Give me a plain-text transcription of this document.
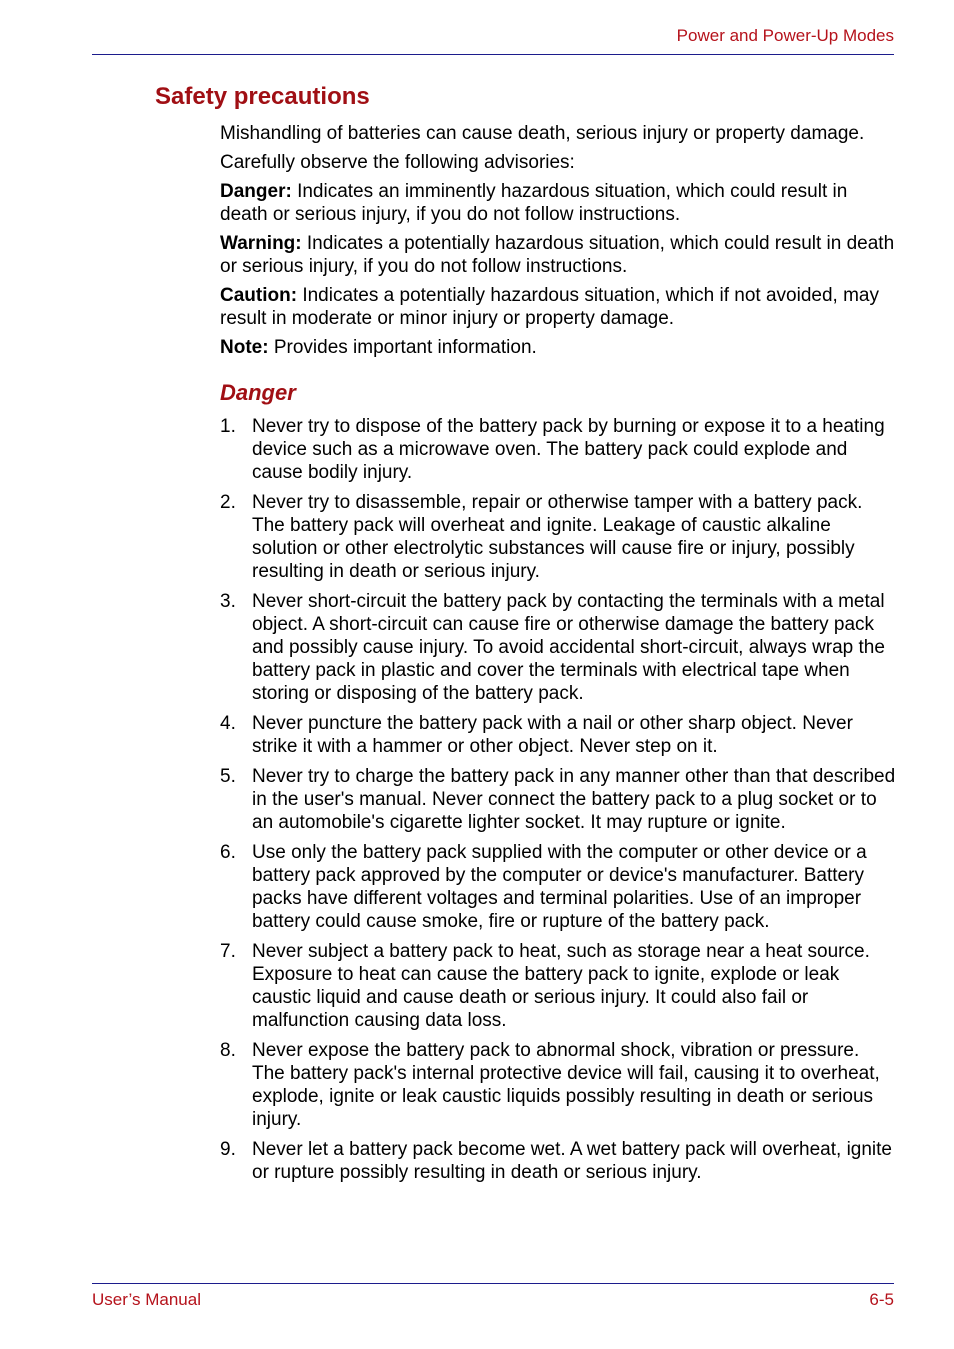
Power and Power-Up Modes
Safety precautions

Mishandling of batteries can cause death, serious injury or property damage.

Carefully observe the following advisories:

Danger: Indicates an imminently hazardous situation, which could result in death or serious injury, if you do not follow instructions.

Warning: Indicates a potentially hazardous situation, which could result in death or serious injury, if you do not follow instructions.

Caution: Indicates a potentially hazardous situation, which if not avoided, may result in moderate or minor injury or property damage.

Note: Provides important information.

Danger
1. Never try to dispose of the battery pack by burning or expose it to a heating device such as a microwave oven. The battery pack could explode and cause bodily injury.
2. Never try to disassemble, repair or otherwise tamper with a battery pack. The battery pack will overheat and ignite. Leakage of caustic alkaline solution or other electrolytic substances will cause fire or injury, possibly resulting in death or serious injury.
3. Never short-circuit the battery pack by contacting the terminals with a metal object. A short-circuit can cause fire or otherwise damage the battery pack and possibly cause injury. To avoid accidental short-circuit, always wrap the battery pack in plastic and cover the terminals with electrical tape when storing or disposing of the battery pack.
4. Never puncture the battery pack with a nail or other sharp object. Never strike it with a hammer or other object. Never step on it.
5. Never try to charge the battery pack in any manner other than that described in the user's manual. Never connect the battery pack to a plug socket or to an automobile's cigarette lighter socket. It may rupture or ignite.
6. Use only the battery pack supplied with the computer or other device or a battery pack approved by the computer or device's manufacturer. Battery packs have different voltages and terminal polarities. Use of an improper battery could cause smoke, fire or rupture of the battery pack.
7. Never subject a battery pack to heat, such as storage near a heat source. Exposure to heat can cause the battery pack to ignite, explode or leak caustic liquid and cause death or serious injury. It could also fail or malfunction causing data loss.
8. Never expose the battery pack to abnormal shock, vibration or pressure. The battery pack's internal protective device will fail, causing it to overheat, explode, ignite or leak caustic liquids possibly resulting in death or serious injury.
9. Never let a battery pack become wet. A wet battery pack will overheat, ignite or rupture possibly resulting in death or serious injury.
User’s Manual	6-5
